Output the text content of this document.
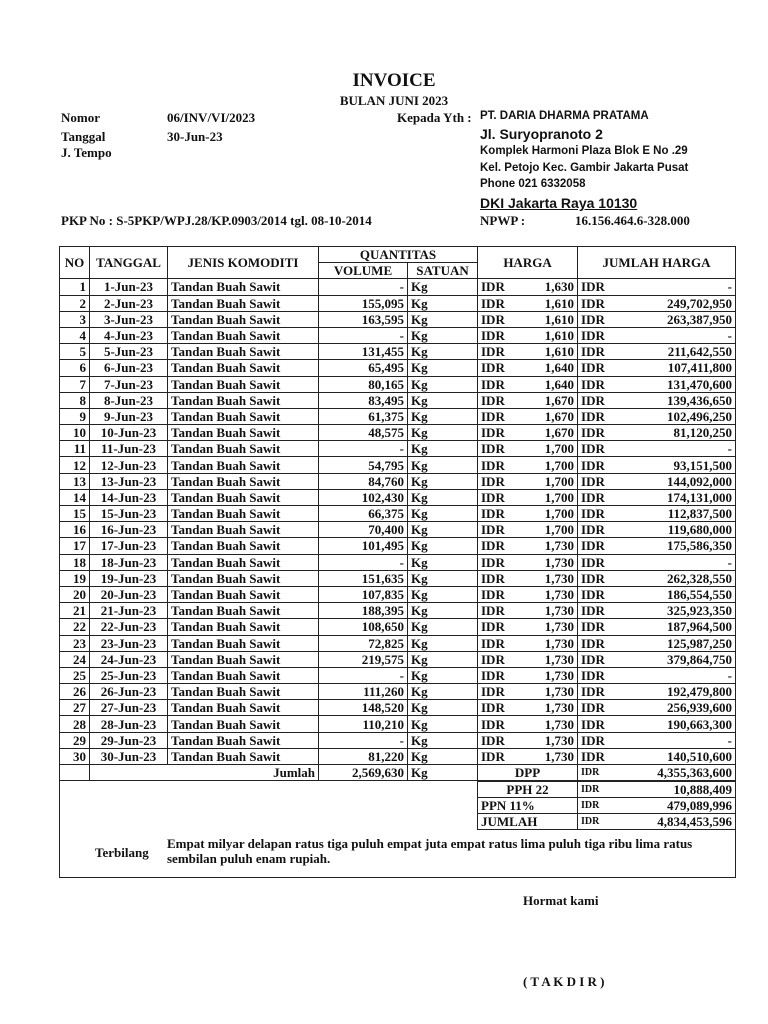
INVOICE
BULAN JUNI 2023
Nomor	06/INV/VI/2023
Tanggal	30-Jun-23
J. Tempo
PKP No : S-5PKP/WPJ.28/KP.0903/2014 tgl. 08-10-2014
Kepada Yth : PT. DARIA DHARMA PRATAMA
Jl. Suryopranoto 2
Komplek Harmoni Plaza Blok E No .29
Kel. Petojo Kec. Gambir Jakarta Pusat
Phone 021 6332058
DKI Jakarta Raya 10130
NPWP :	16.156.464.6-328.000
NO	TANGGAL	JENIS KOMODITI	QUANTITAS		HARGA		JUMLAH HARGA	
			VOLUME	SATUAN				
1	1-Jun-23	Tandan Buah Sawit	-	Kg	IDR	1,630	IDR	-
2	2-Jun-23	Tandan Buah Sawit	155,095	Kg	IDR	1,610	IDR	249,702,950
3	3-Jun-23	Tandan Buah Sawit	163,595	Kg	IDR	1,610	IDR	263,387,950
4	4-Jun-23	Tandan Buah Sawit	-	Kg	IDR	1,610	IDR	-
5	5-Jun-23	Tandan Buah Sawit	131,455	Kg	IDR	1,610	IDR	211,642,550
6	6-Jun-23	Tandan Buah Sawit	65,495	Kg	IDR	1,640	IDR	107,411,800
7	7-Jun-23	Tandan Buah Sawit	80,165	Kg	IDR	1,640	IDR	131,470,600
8	8-Jun-23	Tandan Buah Sawit	83,495	Kg	IDR	1,670	IDR	139,436,650
9	9-Jun-23	Tandan Buah Sawit	61,375	Kg	IDR	1,670	IDR	102,496,250
10	10-Jun-23	Tandan Buah Sawit	48,575	Kg	IDR	1,670	IDR	81,120,250
11	11-Jun-23	Tandan Buah Sawit	-	Kg	IDR	1,700	IDR	-
12	12-Jun-23	Tandan Buah Sawit	54,795	Kg	IDR	1,700	IDR	93,151,500
13	13-Jun-23	Tandan Buah Sawit	84,760	Kg	IDR	1,700	IDR	144,092,000
14	14-Jun-23	Tandan Buah Sawit	102,430	Kg	IDR	1,700	IDR	174,131,000
15	15-Jun-23	Tandan Buah Sawit	66,375	Kg	IDR	1,700	IDR	112,837,500
16	16-Jun-23	Tandan Buah Sawit	70,400	Kg	IDR	1,700	IDR	119,680,000
17	17-Jun-23	Tandan Buah Sawit	101,495	Kg	IDR	1,730	IDR	175,586,350
18	18-Jun-23	Tandan Buah Sawit	-	Kg	IDR	1,730	IDR	-
19	19-Jun-23	Tandan Buah Sawit	151,635	Kg	IDR	1,730	IDR	262,328,550
20	20-Jun-23	Tandan Buah Sawit	107,835	Kg	IDR	1,730	IDR	186,554,550
21	21-Jun-23	Tandan Buah Sawit	188,395	Kg	IDR	1,730	IDR	325,923,350
22	22-Jun-23	Tandan Buah Sawit	108,650	Kg	IDR	1,730	IDR	187,964,500
23	23-Jun-23	Tandan Buah Sawit	72,825	Kg	IDR	1,730	IDR	125,987,250
24	24-Jun-23	Tandan Buah Sawit	219,575	Kg	IDR	1,730	IDR	379,864,750
25	25-Jun-23	Tandan Buah Sawit	-	Kg	IDR	1,730	IDR	-
26	26-Jun-23	Tandan Buah Sawit	111,260	Kg	IDR	1,730	IDR	192,479,800
27	27-Jun-23	Tandan Buah Sawit	148,520	Kg	IDR	1,730	IDR	256,939,600
28	28-Jun-23	Tandan Buah Sawit	110,210	Kg	IDR	1,730	IDR	190,663,300
29	29-Jun-23	Tandan Buah Sawit	-	Kg	IDR	1,730	IDR	-
30	30-Jun-23	Tandan Buah Sawit	81,220	Kg	IDR	1,730	IDR	140,510,600
	Jumlah		2,569,630	Kg	DPP		IDR	4,355,363,600
PPH 22	IDR	10,888,409
PPN 11%	IDR	479,089,996
JUMLAH	IDR	4,834,453,596
Terbilang
Empat milyar delapan ratus tiga puluh empat juta empat ratus lima puluh tiga ribu lima ratus sembilan puluh enam rupiah.
Hormat kami
( T A K D I R )
